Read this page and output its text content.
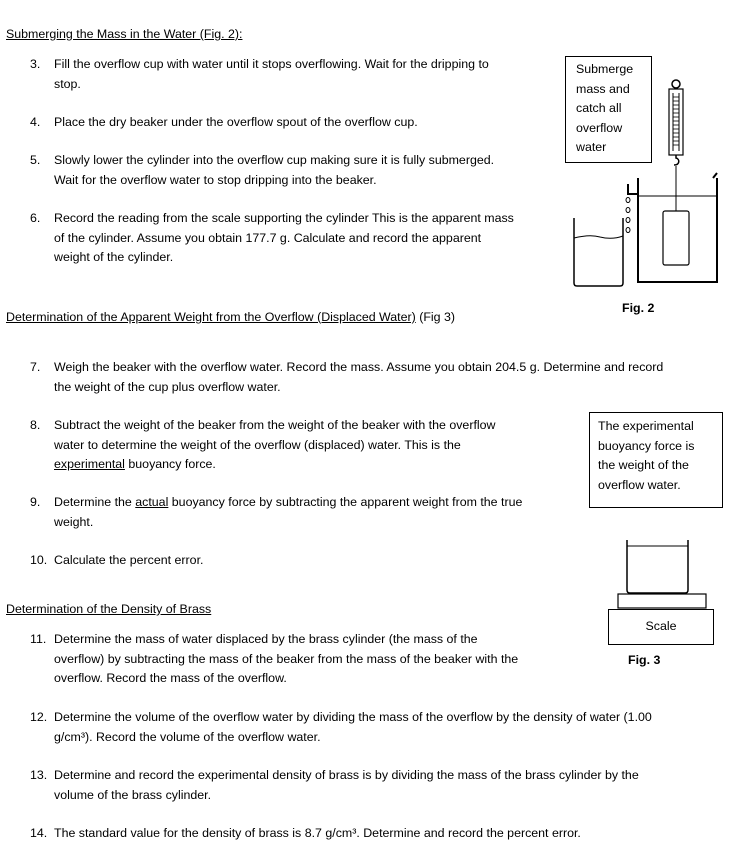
Submerging the Mass in the Water (Fig. 2):
Determination of the Apparent Weight from the Overflow (Displaced Water) (Fig 3)
Determination of the Density of Brass
3. Fill the overflow cup with water until it stops overflowing. Wait for the dripping to
stop.
4. Place the dry beaker under the overflow spout of the overflow cup.
5. Slowly lower the cylinder into the overflow cup making sure it is fully submerged.
Wait for the overflow water to stop dripping into the beaker.
6. Record the reading from the scale supporting the cylinder This is the apparent mass
of the cylinder. Assume you obtain 177.7 g. Calculate and record the apparent
weight of the cylinder.
7. Weigh the beaker with the overflow water. Record the mass. Assume you obtain 204.5 g. Determine and record
the weight of the cup plus overflow water.
8. Subtract the weight of the beaker from the weight of the beaker with the overflow
water to determine the weight of the overflow (displaced) water. This is the
experimental buoyancy force.
9. Determine the actual buoyancy force by subtracting the apparent weight from the true
weight.
10. Calculate the percent error.
11. Determine the mass of water displaced by the brass cylinder (the mass of the
overflow) by subtracting the mass of the beaker from the mass of the beaker with the
overflow. Record the mass of the overflow.
12. Determine the volume of the overflow water by dividing the mass of the overflow by the density of water (1.00
g/cm³). Record the volume of the overflow water.
13. Determine and record the experimental density of brass is by dividing the mass of the brass cylinder by the
volume of the brass cylinder.
14. The standard value for the density of brass is 8.7 g/cm³. Determine and record the percent error.
Submerge
mass and
catch all
overflow
water
The experimental
buoyancy force is
the weight of the
overflow water.
Fig. 2
Scale
Fig. 3
